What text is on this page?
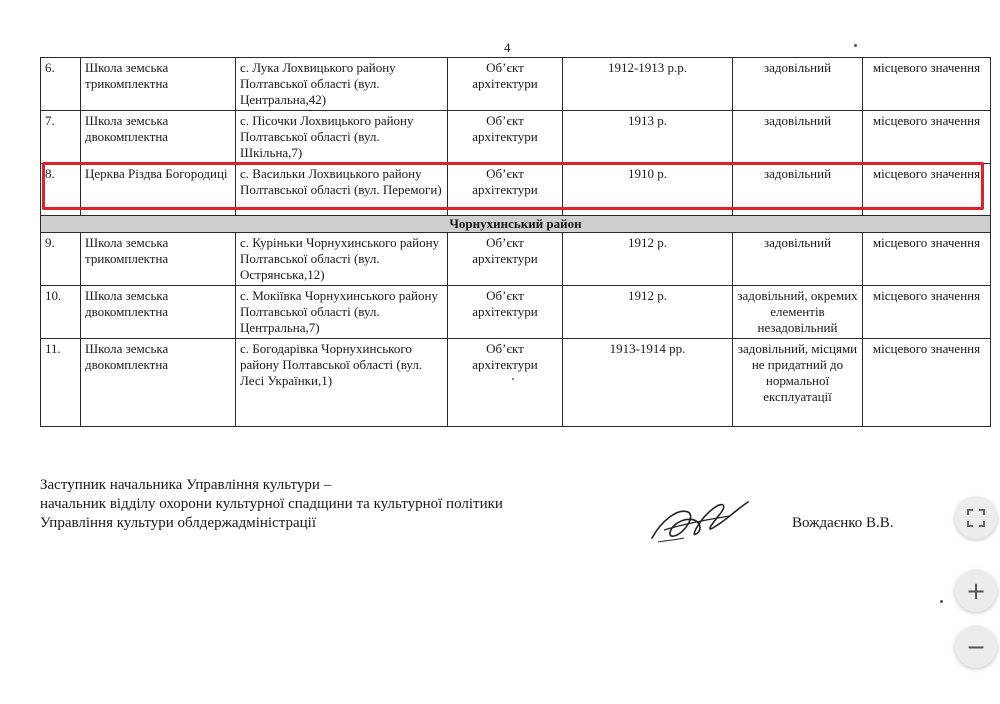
4
6.	Школа земська трикомплектна	с. Лука Лохвицького району Полтавської області (вул. Центральна,42)	Об’єкт архітектури	1912-1913 р.р.	задовільний	місцевого значення
7.	Школа земська двокомплектна	с. Пісочки Лохвицького району Полтавської області (вул. Шкільна,7)	Об’єкт архітектури	1913 р.	задовільний	місцевого значення
8.	Церква Різдва Богородиці	с. Васильки Лохвицького району Полтавської області (вул. Перемоги)	Об’єкт архітектури	1910 р.	задовільний	місцевого значення
Чорнухинський район						
9.	Школа земська трикомплектна	с. Куріньки Чорнухинського району Полтавської області (вул. Острянська,12)	Об’єкт архітектури	1912 р.	задовільний	місцевого значення
10.	Школа земська двокомплектна	с. Мокіївка Чорнухинського району Полтавської області (вул. Центральна,7)	Об’єкт архітектури	1912 р.	задовільний, окремих елементів незадовільний	місцевого значення
11.	Школа земська двокомплектна	с. Богодарівка Чорнухинського району Полтавської області (вул. Лесі Українки,1)	Об’єкт архітектури	1913-1914 рр.	задовільний, місцями не придатний до нормальної експлуатації	місцевого значення
Заступник начальника Управління культури –
начальник відділу охорони культурної спадщини та культурної політики
Управління культури облдержадміністрації	Вождаєнко В.В.
+
−
